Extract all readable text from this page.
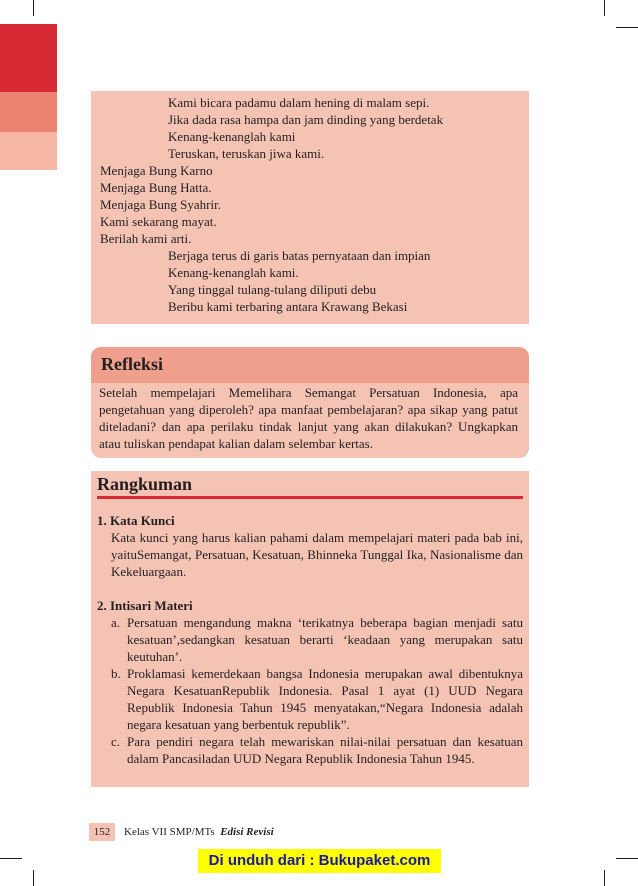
Kami bicara padamu dalam hening di malam sepi.
Jika dada rasa hampa dan jam dinding yang berdetak
Kenang-kenanglah kami
Teruskan, teruskan jiwa kami.
Menjaga Bung Karno
Menjaga Bung Hatta.
Menjaga Bung Syahrir.
Kami sekarang mayat.
Berilah kami arti.
Berjaga terus di garis batas pernyataan dan impian
Kenang-kenanglah kami.
Yang tinggal tulang-tulang diliputi debu
Beribu kami terbaring antara Krawang Bekasi
Refleksi

Setelah mempelajari Memelihara Semangat Persatuan Indonesia, apa pengetahuan yang diperoleh? apa manfaat pembelajaran? apa sikap yang patut diteladani? dan apa perilaku tindak lanjut yang akan dilakukan? Ungkapkan atau tuliskan pendapat kalian dalam selembar kertas.

Rangkuman
1. Kata Kunci

Kata kunci yang harus kalian pahami dalam mempelajari materi pada bab ini, yaituSemangat, Persatuan, Kesatuan, Bhinneka Tunggal Ika, Nasionalisme dan Kekeluargaan.

2. Intisari Materi
a. Persatuan mengandung makna ‘terikatnya beberapa bagian menjadi satu kesatuan’,sedangkan kesatuan berarti ‘keadaan yang merupakan satu keutuhan’.

b. Proklamasi kemerdekaan bangsa Indonesia merupakan awal dibentuknya Negara KesatuanRepublik Indonesia. Pasal 1 ayat (1) UUD Negara Republik Indonesia Tahun 1945 menyatakan,“Negara Indonesia adalah negara kesatuan yang berbentuk republik”.

c. Para pendiri negara telah mewariskan nilai-nilai persatuan dan kesatuan dalam Pancasiladan UUD Negara Republik Indonesia Tahun 1945.

152	Kelas VII SMP/MTs Edisi Revisi
Di unduh dari : Bukupaket.com
